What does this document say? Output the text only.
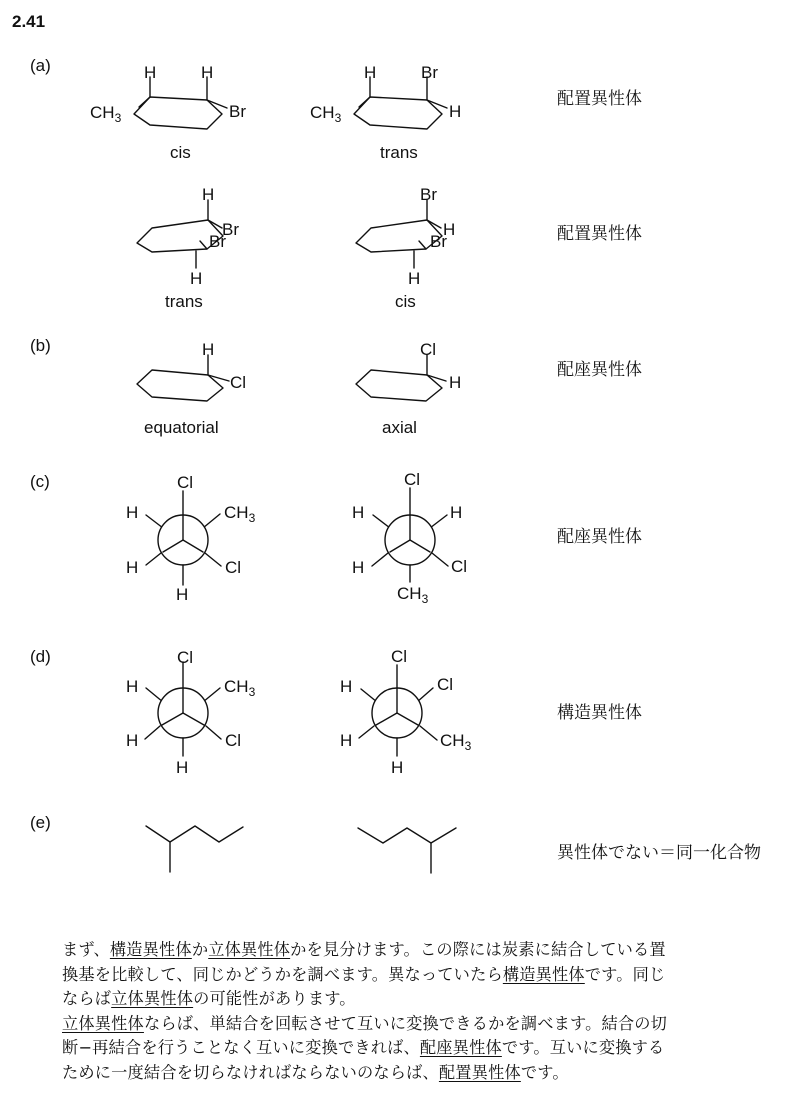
2.41
(a)	H	H
$CH_3$	Br
cis
H	Br
$CH_3$	H
trans
配置異性体
H
Br
Br
H
trans
Br
H
Br
H
cis
配置異性体
(b)	H
Cl
equatorial
Cl
H
axial
配座異性体
(c)	Cl
H	$CH_3$
H	Cl
H
Cl
H	H
H	Cl
$CH_3$
配座異性体
(d)	Cl
H	$CH_3$
H	Cl
H
Cl
H	Cl
H	$CH_3$
H
構造異性体
(e)
異性体でない＝同一化合物
まず、構造異性体か立体異性体かを見分けます。この際には炭素に結合している置
換基を比較して、同じかどうかを調べます。異なっていたら構造異性体です。同じ
ならば立体異性体の可能性があります。
立体異性体ならば、単結合を回転させて互いに変換できるかを調べます。結合の切
断−再結合を行うことなく互いに変換できれば、配座異性体です。互いに変換する
ために一度結合を切らなければならないのならば、配置異性体です。
